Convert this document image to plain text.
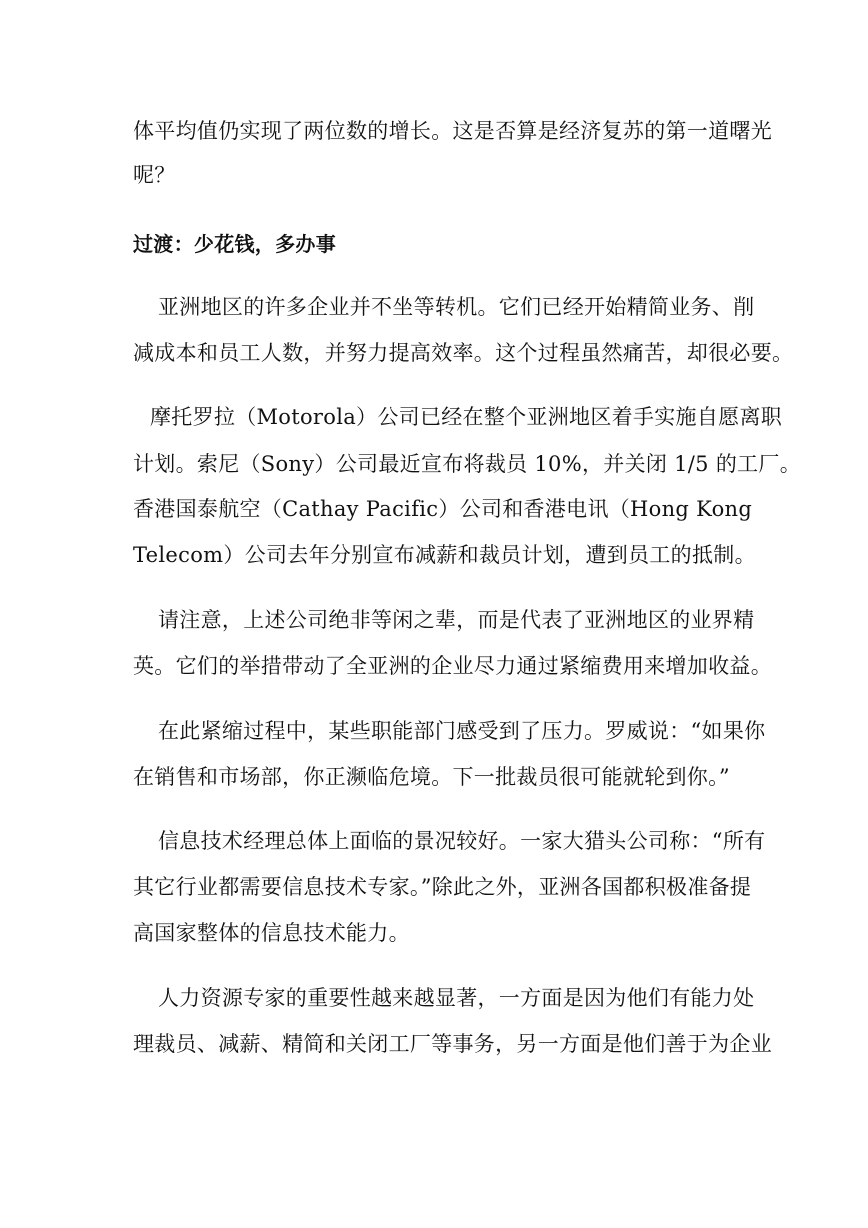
体平均值仍实现了两位数的增长。这是否算是经济复苏的第一道曙光
呢？
过渡：少花钱，多办事
亚洲地区的许多企业并不坐等转机。它们已经开始精简业务、削
减成本和员工人数，并努力提高效率。这个过程虽然痛苦，却很必要。
摩托罗拉（Motorola）公司已经在整个亚洲地区着手实施自愿离职
计划。索尼（Sony）公司最近宣布将裁员 10%，并关闭 1/5 的工厂。
香港国泰航空（Cathay Pacific）公司和香港电讯（Hong Kong
Telecom）公司去年分别宣布减薪和裁员计划，遭到员工的抵制。
请注意，上述公司绝非等闲之辈，而是代表了亚洲地区的业界精
英。它们的举措带动了全亚洲的企业尽力通过紧缩费用来增加收益。
在此紧缩过程中，某些职能部门感受到了压力。罗威说：“如果你
在销售和市场部，你正濒临危境。下一批裁员很可能就轮到你。”
信息技术经理总体上面临的景况较好。一家大猎头公司称：“所有
其它行业都需要信息技术专家。”除此之外，亚洲各国都积极准备提
高国家整体的信息技术能力。
人力资源专家的重要性越来越显著，一方面是因为他们有能力处
理裁员、减薪、精简和关闭工厂等事务，另一方面是他们善于为企业
